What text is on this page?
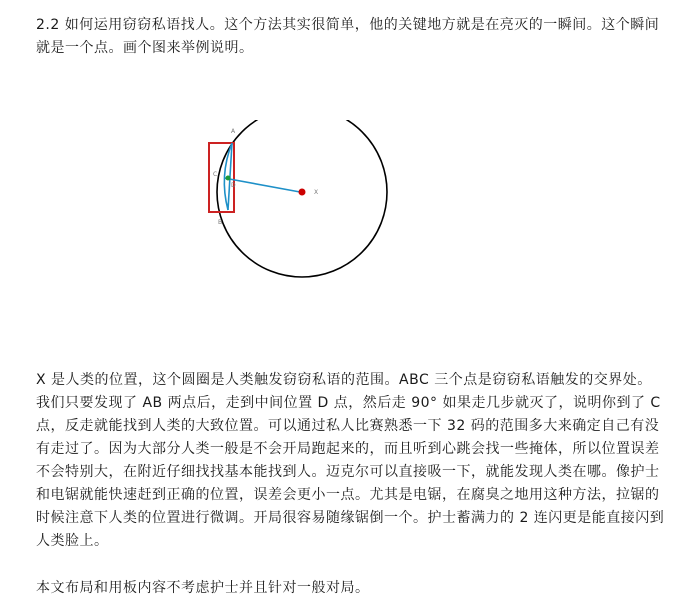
2.2 如何运用窃窃私语找人。这个方法其实很简单，他的关键地方就是在亮灭的一瞬间。这个瞬间就是一个点。画个图来举例说明。

A
C
D
B
X

X 是人类的位置，这个圆圈是人类触发窃窃私语的范围。ABC 三个点是窃窃私语触发的交界处。我们只要发现了 AB 两点后，走到中间位置 D 点，然后走 90° 如果走几步就灭了，说明你到了 C 点，反走就能找到人类的大致位置。可以通过私人比赛熟悉一下 32 码的范围多大来确定自己有没有走过了。因为大部分人类一般是不会开局跑起来的，而且听到心跳会找一些掩体，所以位置误差不会特别大，在附近仔细找找基本能找到人。迈克尔可以直接吸一下，就能发现人类在哪。像护士和电锯就能快速赶到正确的位置，误差会更小一点。尤其是电锯，在腐臭之地用这种方法，拉锯的时候注意下人类的位置进行微调。开局很容易随缘锯倒一个。护士蓄满力的 2 连闪更是能直接闪到人类脸上。

本文布局和用板内容不考虑护士并且针对一般对局。
